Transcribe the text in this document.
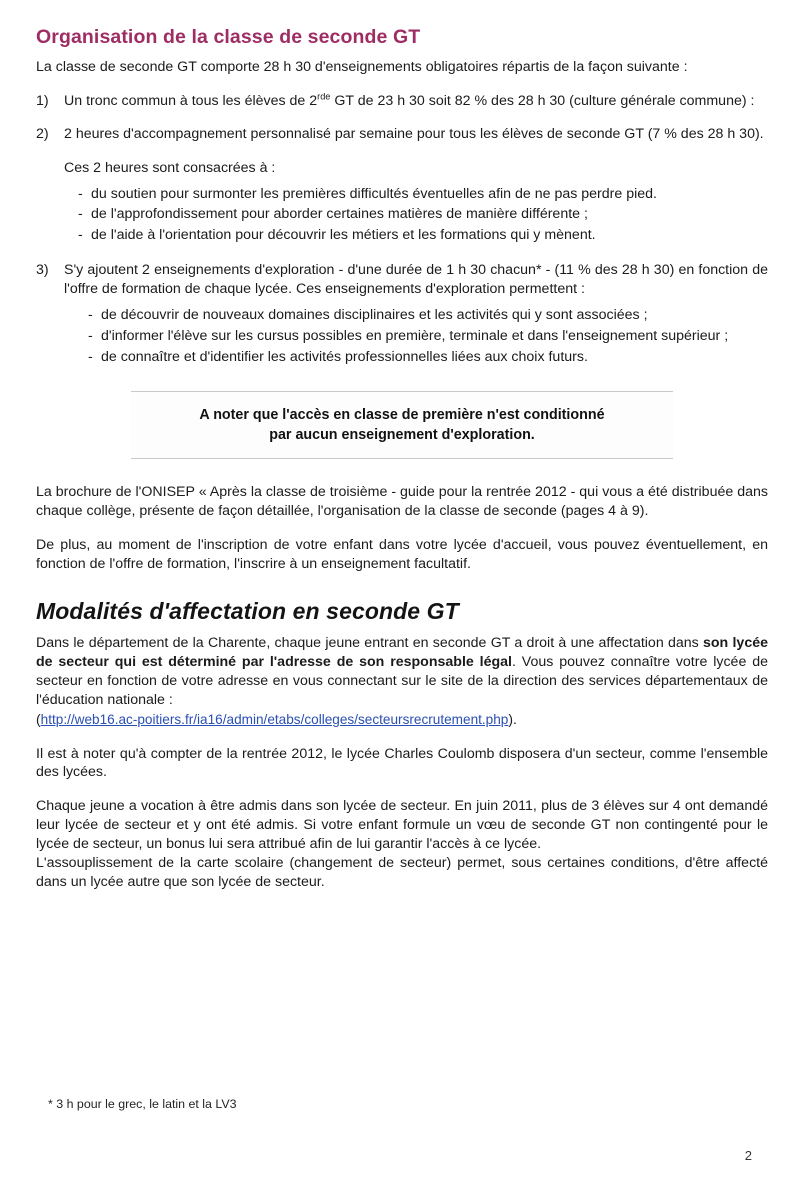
Organisation de la classe de seconde GT

La classe de seconde GT comporte 28 h 30 d'enseignements obligatoires répartis de la façon suivante :

1)	Un tronc commun à tous les élèves de $2^{rde}$ GT de 23 h 30 soit 82 % des 28 h 30 (culture générale commune) :

2)	2 heures d'accompagnement personnalisé par semaine pour tous les élèves de seconde GT (7 % des 28 h 30).

Ces 2 heures sont consacrées à :

- du soutien pour surmonter les premières difficultés éventuelles afin de ne pas perdre pied.
- de l'approfondissement pour aborder certaines matières de manière différente ;
- de l'aide à l'orientation pour découvrir les métiers et les formations qui y mènent.
3)	S'y ajoutent 2 enseignements d'exploration - d'une durée de 1 h 30 chacun* - (11 % des 28 h 30) en fonction de l'offre de formation de chaque lycée. Ces enseignements d'exploration permettent :

- de découvrir de nouveaux domaines disciplinaires et les activités qui y sont associées ;
- d'informer l'élève sur les cursus possibles en première, terminale et dans l'enseignement supérieur ;
- de connaître et d'identifier les activités professionnelles liées aux choix futurs.
A noter que l'accès en classe de première n'est conditionné
par aucun enseignement d'exploration.

La brochure de l'ONISEP « Après la classe de troisième - guide pour la rentrée 2012 - qui vous a été distribuée dans chaque collège, présente de façon détaillée, l'organisation de la classe de seconde (pages 4 à 9).

De plus, au moment de l'inscription de votre enfant dans votre lycée d'accueil, vous pouvez éventuellement, en fonction de l'offre de formation, l'inscrire à un enseignement facultatif.

Modalités d'affectation en seconde GT

Dans le département de la Charente, chaque jeune entrant en seconde GT a droit à une affectation dans son lycée de secteur qui est déterminé par l'adresse de son responsable légal. Vous pouvez connaître votre lycée de secteur en fonction de votre adresse en vous connectant sur le site de la direction des services départementaux de l'éducation nationale :

(http://web16.ac-poitiers.fr/ia16/admin/etabs/colleges/secteursrecrutement.php).

Il est à noter qu'à compter de la rentrée 2012, le lycée Charles Coulomb disposera d'un secteur, comme l'ensemble des lycées.

Chaque jeune a vocation à être admis dans son lycée de secteur. En juin 2011, plus de 3 élèves sur 4 ont demandé leur lycée de secteur et y ont été admis. Si votre enfant formule un vœu de seconde GT non contingenté pour le lycée de secteur, un bonus lui sera attribué afin de lui garantir l'accès à ce lycée.

L'assouplissement de la carte scolaire (changement de secteur) permet, sous certaines conditions, d'être affecté dans un lycée autre que son lycée de secteur.

* 3 h pour le grec, le latin et la LV3
2
